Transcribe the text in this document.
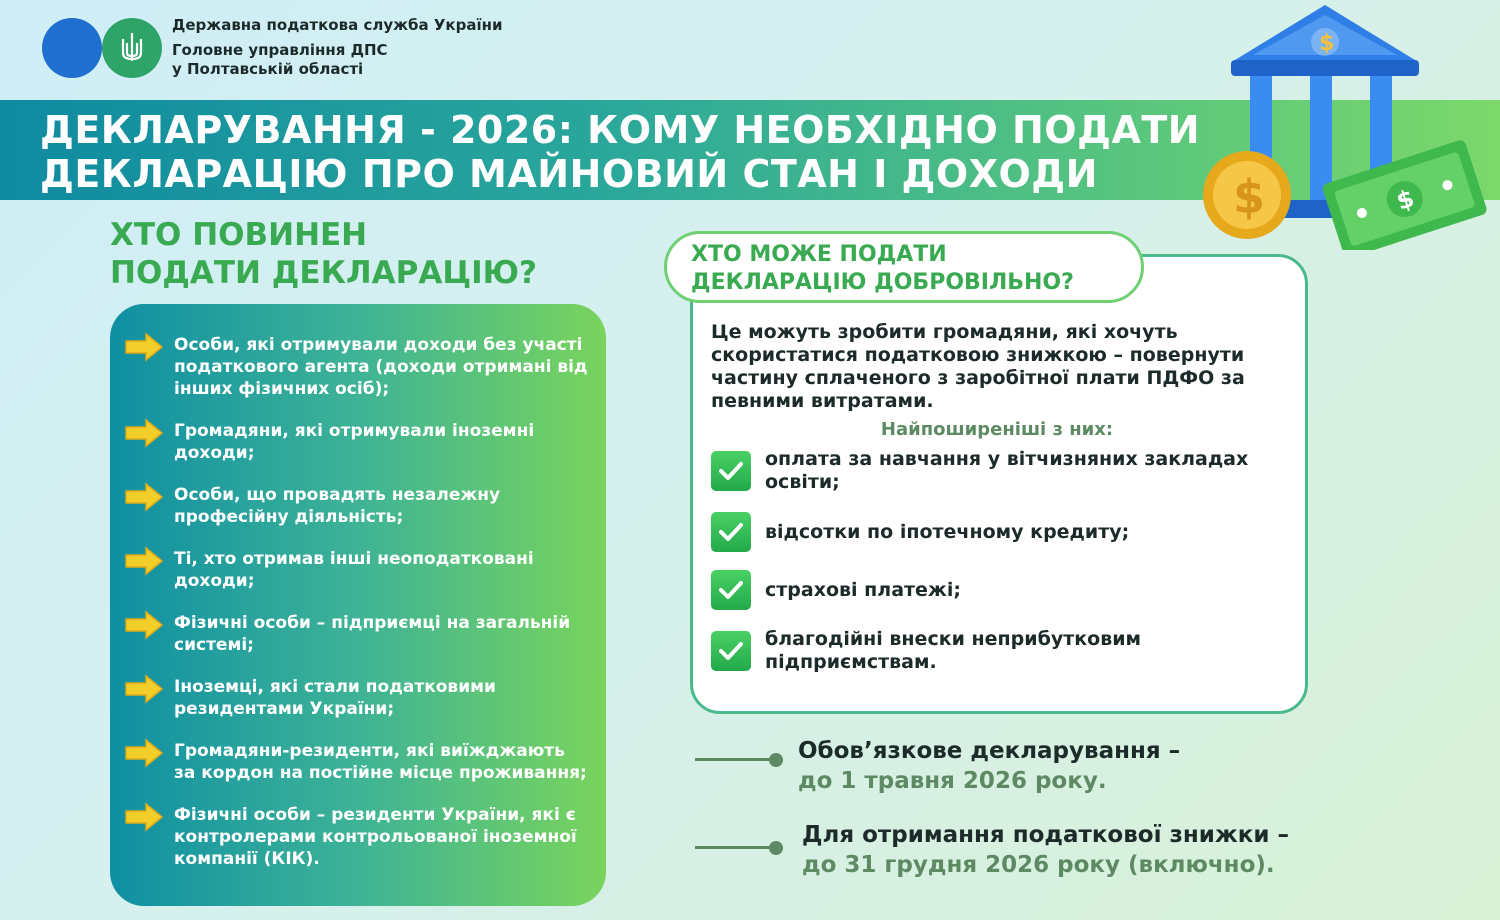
Державна податкова служба України
Головне управління ДПС
у Полтавській області
ДЕКЛАРУВАННЯ - 2026: КОМУ НЕОБХІДНО ПОДАТИ
ДЕКЛАРАЦІЮ ПРО МАЙНОВИЙ СТАН І ДОХОДИ
$
$	$
ХТО ПОВИНЕН
ПОДАТИ ДЕКЛАРАЦІЮ?
Особи, які отримували доходи без участі податкового агента (доходи отримані від інших фізичних осіб);
Громадяни, які отримували іноземні доходи;
Особи, що провадять незалежну професійну діяльність;
Ті, хто отримав інші неоподатковані доходи;
Фізичні особи – підприємці на загальній системі;
Іноземці, які стали податковими резидентами України;
Громадяни-резиденти, які виїжджають за кордон на постійне місце проживання;
Фізичні особи – резиденти України, які є контролерами контрольованої іноземної компанії (КІК).
ХТО МОЖЕ ПОДАТИ
ДЕКЛАРАЦІЮ ДОБРОВІЛЬНО?
Це можуть зробити громадяни, які хочуть скористатися податковою знижкою – повернути частину сплаченого з заробітної плати ПДФО за певними витратами.
Найпоширеніші з них:
оплата за навчання у вітчизняних закладах освіти;
відсотки по іпотечному кредиту;
страхові платежі;
благодійні внески неприбутковим підприємствам.
Обов’язкове декларування –
до 1 травня 2026 року.
Для отримання податкової знижки –
до 31 грудня 2026 року (включно).
